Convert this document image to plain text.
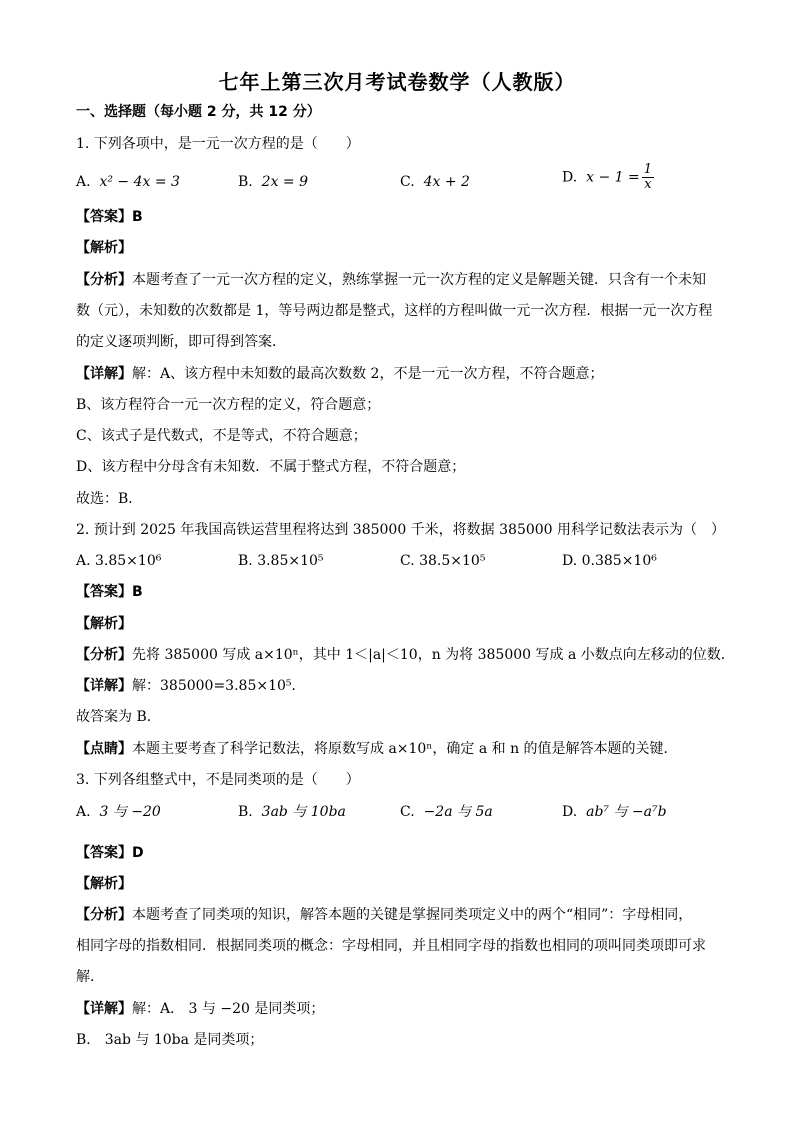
七年上第三次月考试卷数学（人教版）
一、选择题（每小题 2 分，共 12 分）
1. 下列各项中，是一元一次方程的是（　　）
A. x² − 4x = 3	B. 2x = 9	C. 4x + 2	D. $x - 1 = \frac{1}{x}$
【答案】B
【解析】
【分析】本题考查了一元一次方程的定义，熟练掌握一元一次方程的定义是解题关键．只含有一个未知
数（元），未知数的次数都是 1，等号两边都是整式，这样的方程叫做一元一次方程．根据一元一次方程
的定义逐项判断，即可得到答案．
【详解】解：A、该方程中未知数的最高次数数 2，不是一元一次方程，不符合题意；
B、该方程符合一元一次方程的定义，符合题意；
C、该式子是代数式，不是等式，不符合题意；
D、该方程中分母含有未知数．不属于整式方程，不符合题意；
故选：B．
2. 预计到 2025 年我国高铁运营里程将达到 385000 千米，将数据 385000 用科学记数法表示为（　）
A. 3.85×10⁶	B. 3.85×10⁵	C. 38.5×10⁵	D. 0.385×10⁶
【答案】B
【解析】
【分析】先将 385000 写成 a×10ⁿ，其中 1＜|a|＜10，n 为将 385000 写成 a 小数点向左移动的位数．
【详解】解：385000=3.85×10⁵．
故答案为 B．
【点睛】本题主要考查了科学记数法，将原数写成 a×10ⁿ，确定 a 和 n 的值是解答本题的关键．
3. 下列各组整式中，不是同类项的是（　　）
A. 3 与 −20	B. 3ab 与 10ba	C. −2a 与 5a	D. ab⁷ 与 −a⁷b
【答案】D
【解析】
【分析】本题考查了同类项的知识，解答本题的关键是掌握同类项定义中的两个“相同”：字母相同，
相同字母的指数相同．根据同类项的概念：字母相同，并且相同字母的指数也相同的项叫同类项即可求
解．
【详解】解：A． 3 与 −20 是同类项；
B． 3ab 与 10ba 是同类项；
